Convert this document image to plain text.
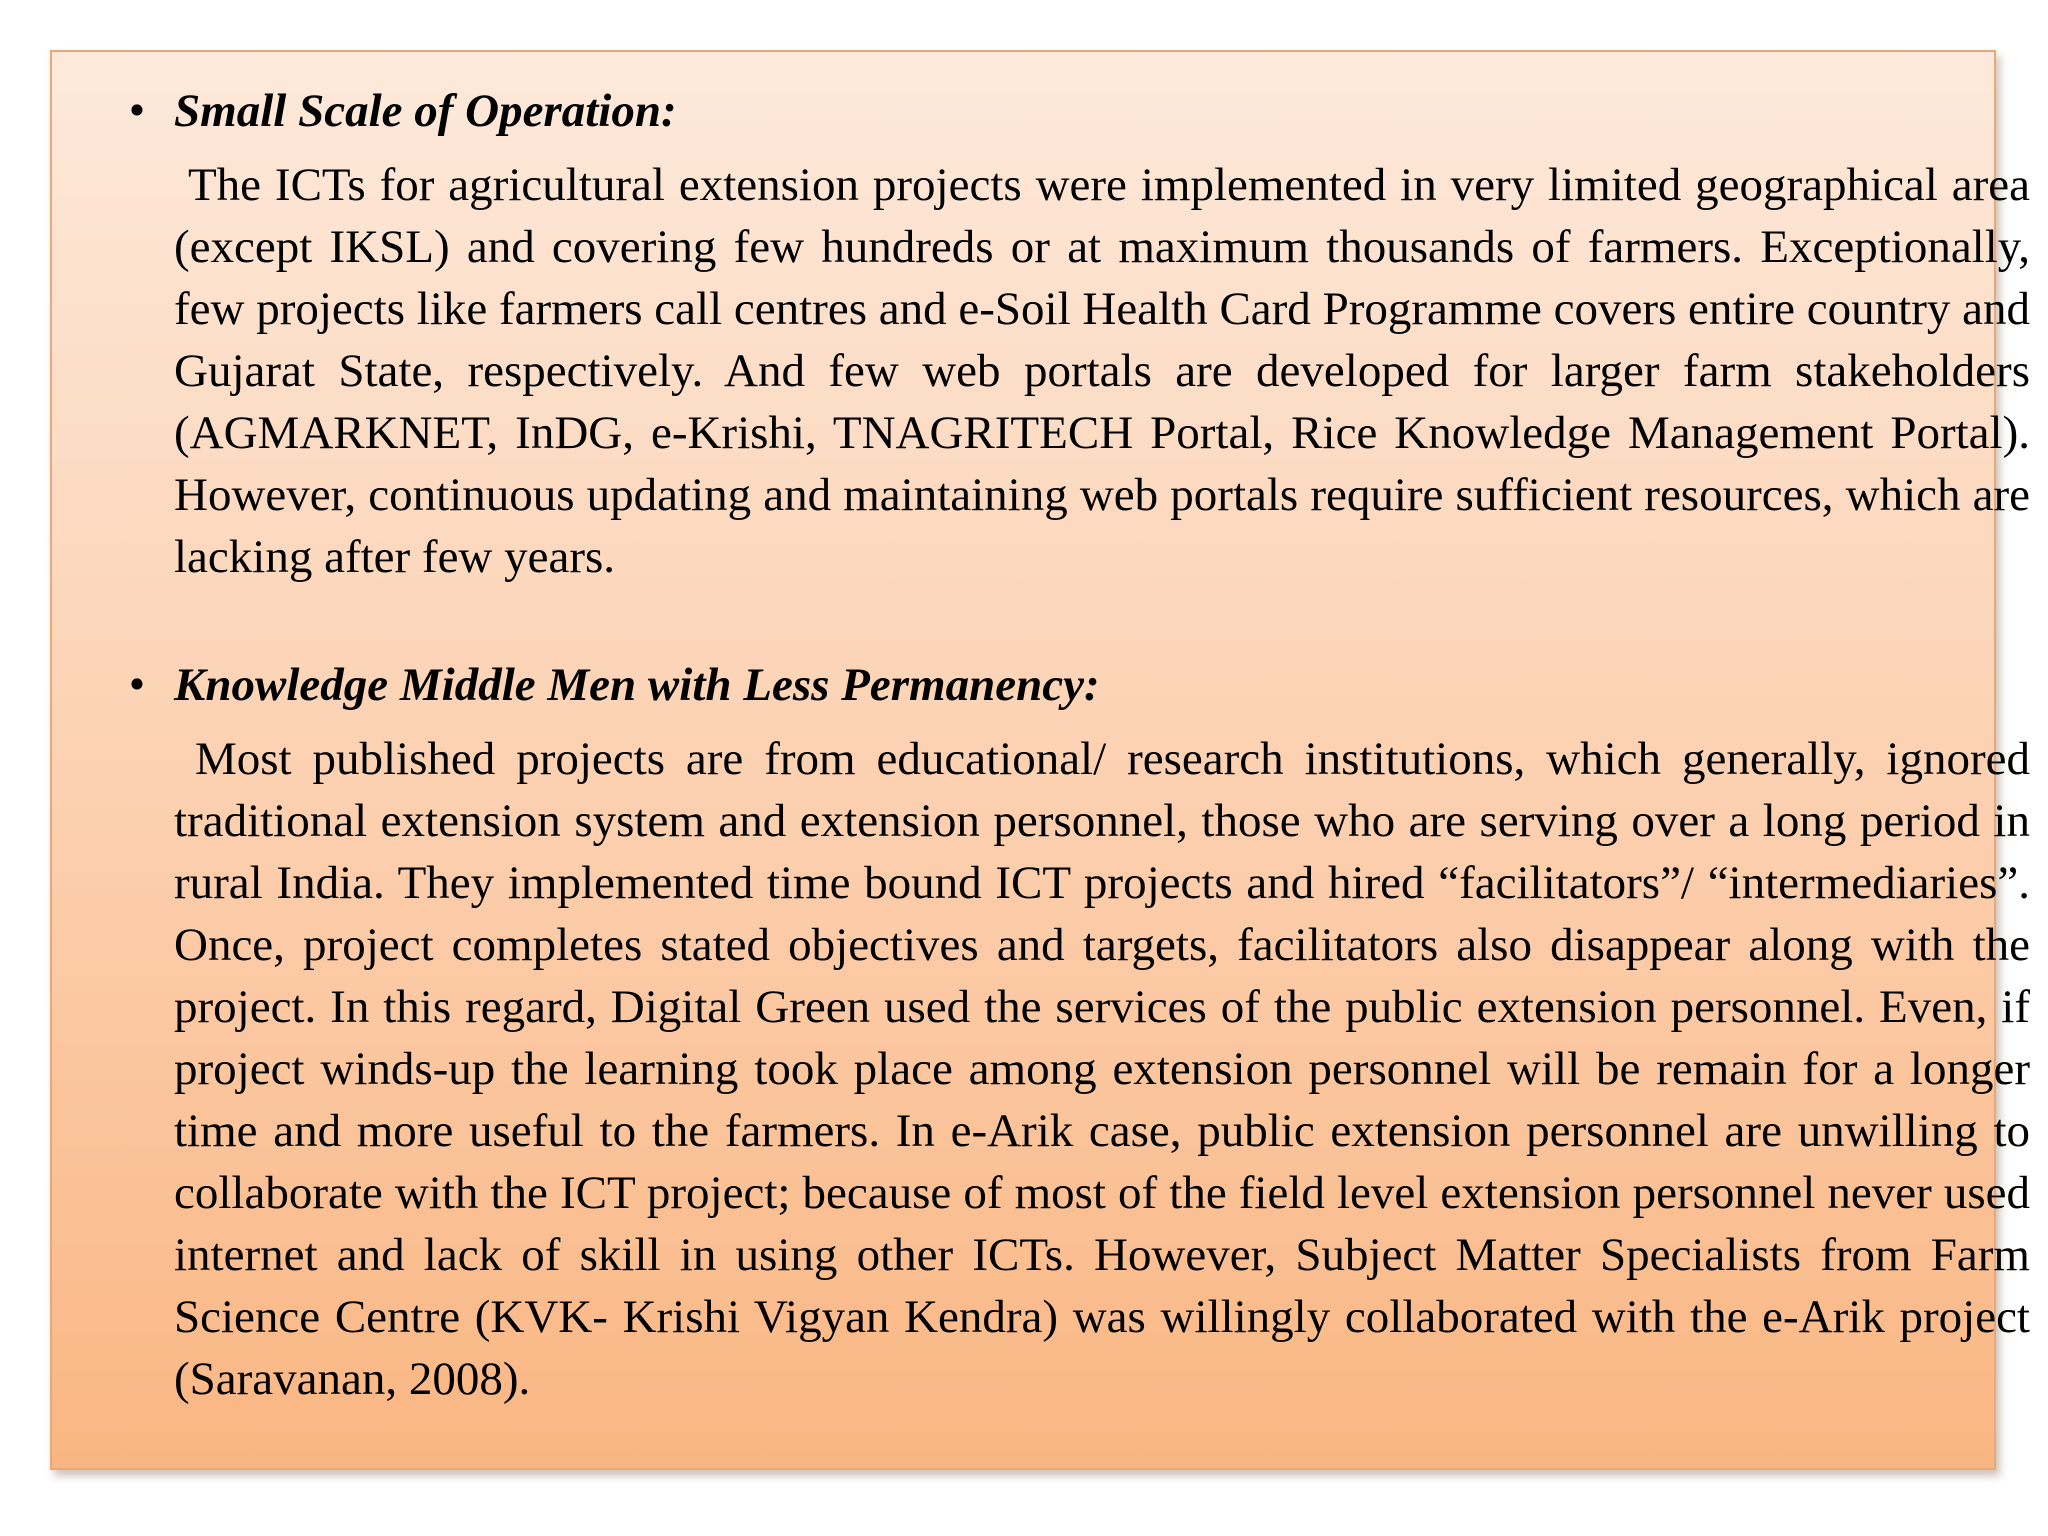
• Small Scale of Operation:
The ICTs for agricultural extension projects were implemented in very limited geographical area (except IKSL) and covering few hundreds or at maximum thousands of farmers. Exceptionally, few projects like farmers call centres and e-Soil Health Card Programme covers entire country and Gujarat State, respectively. And few web portals are developed for larger farm stakeholders (AGMARKNET, InDG, e-Krishi, TNAGRITECH Portal, Rice Knowledge Management Portal). However, continuous updating and maintaining web portals require sufficient resources, which are lacking after few years.
• Knowledge Middle Men with Less Permanency:
Most published projects are from educational/ research institutions, which generally, ignored traditional extension system and extension personnel, those who are serving over a long period in rural India. They implemented time bound ICT projects and hired “facilitators”/ “intermediaries”. Once, project completes stated objectives and targets, facilitators also disappear along with the project. In this regard, Digital Green used the services of the public extension personnel. Even, if project winds-up the learning took place among extension personnel will be remain for a longer time and more useful to the farmers. In e-Arik case, public extension personnel are unwilling to collaborate with the ICT project; because of most of the field level extension personnel never used internet and lack of skill in using other ICTs. However, Subject Matter Specialists from Farm Science Centre (KVK- Krishi Vigyan Kendra) was willingly collaborated with the e-Arik project (Saravanan, 2008).
